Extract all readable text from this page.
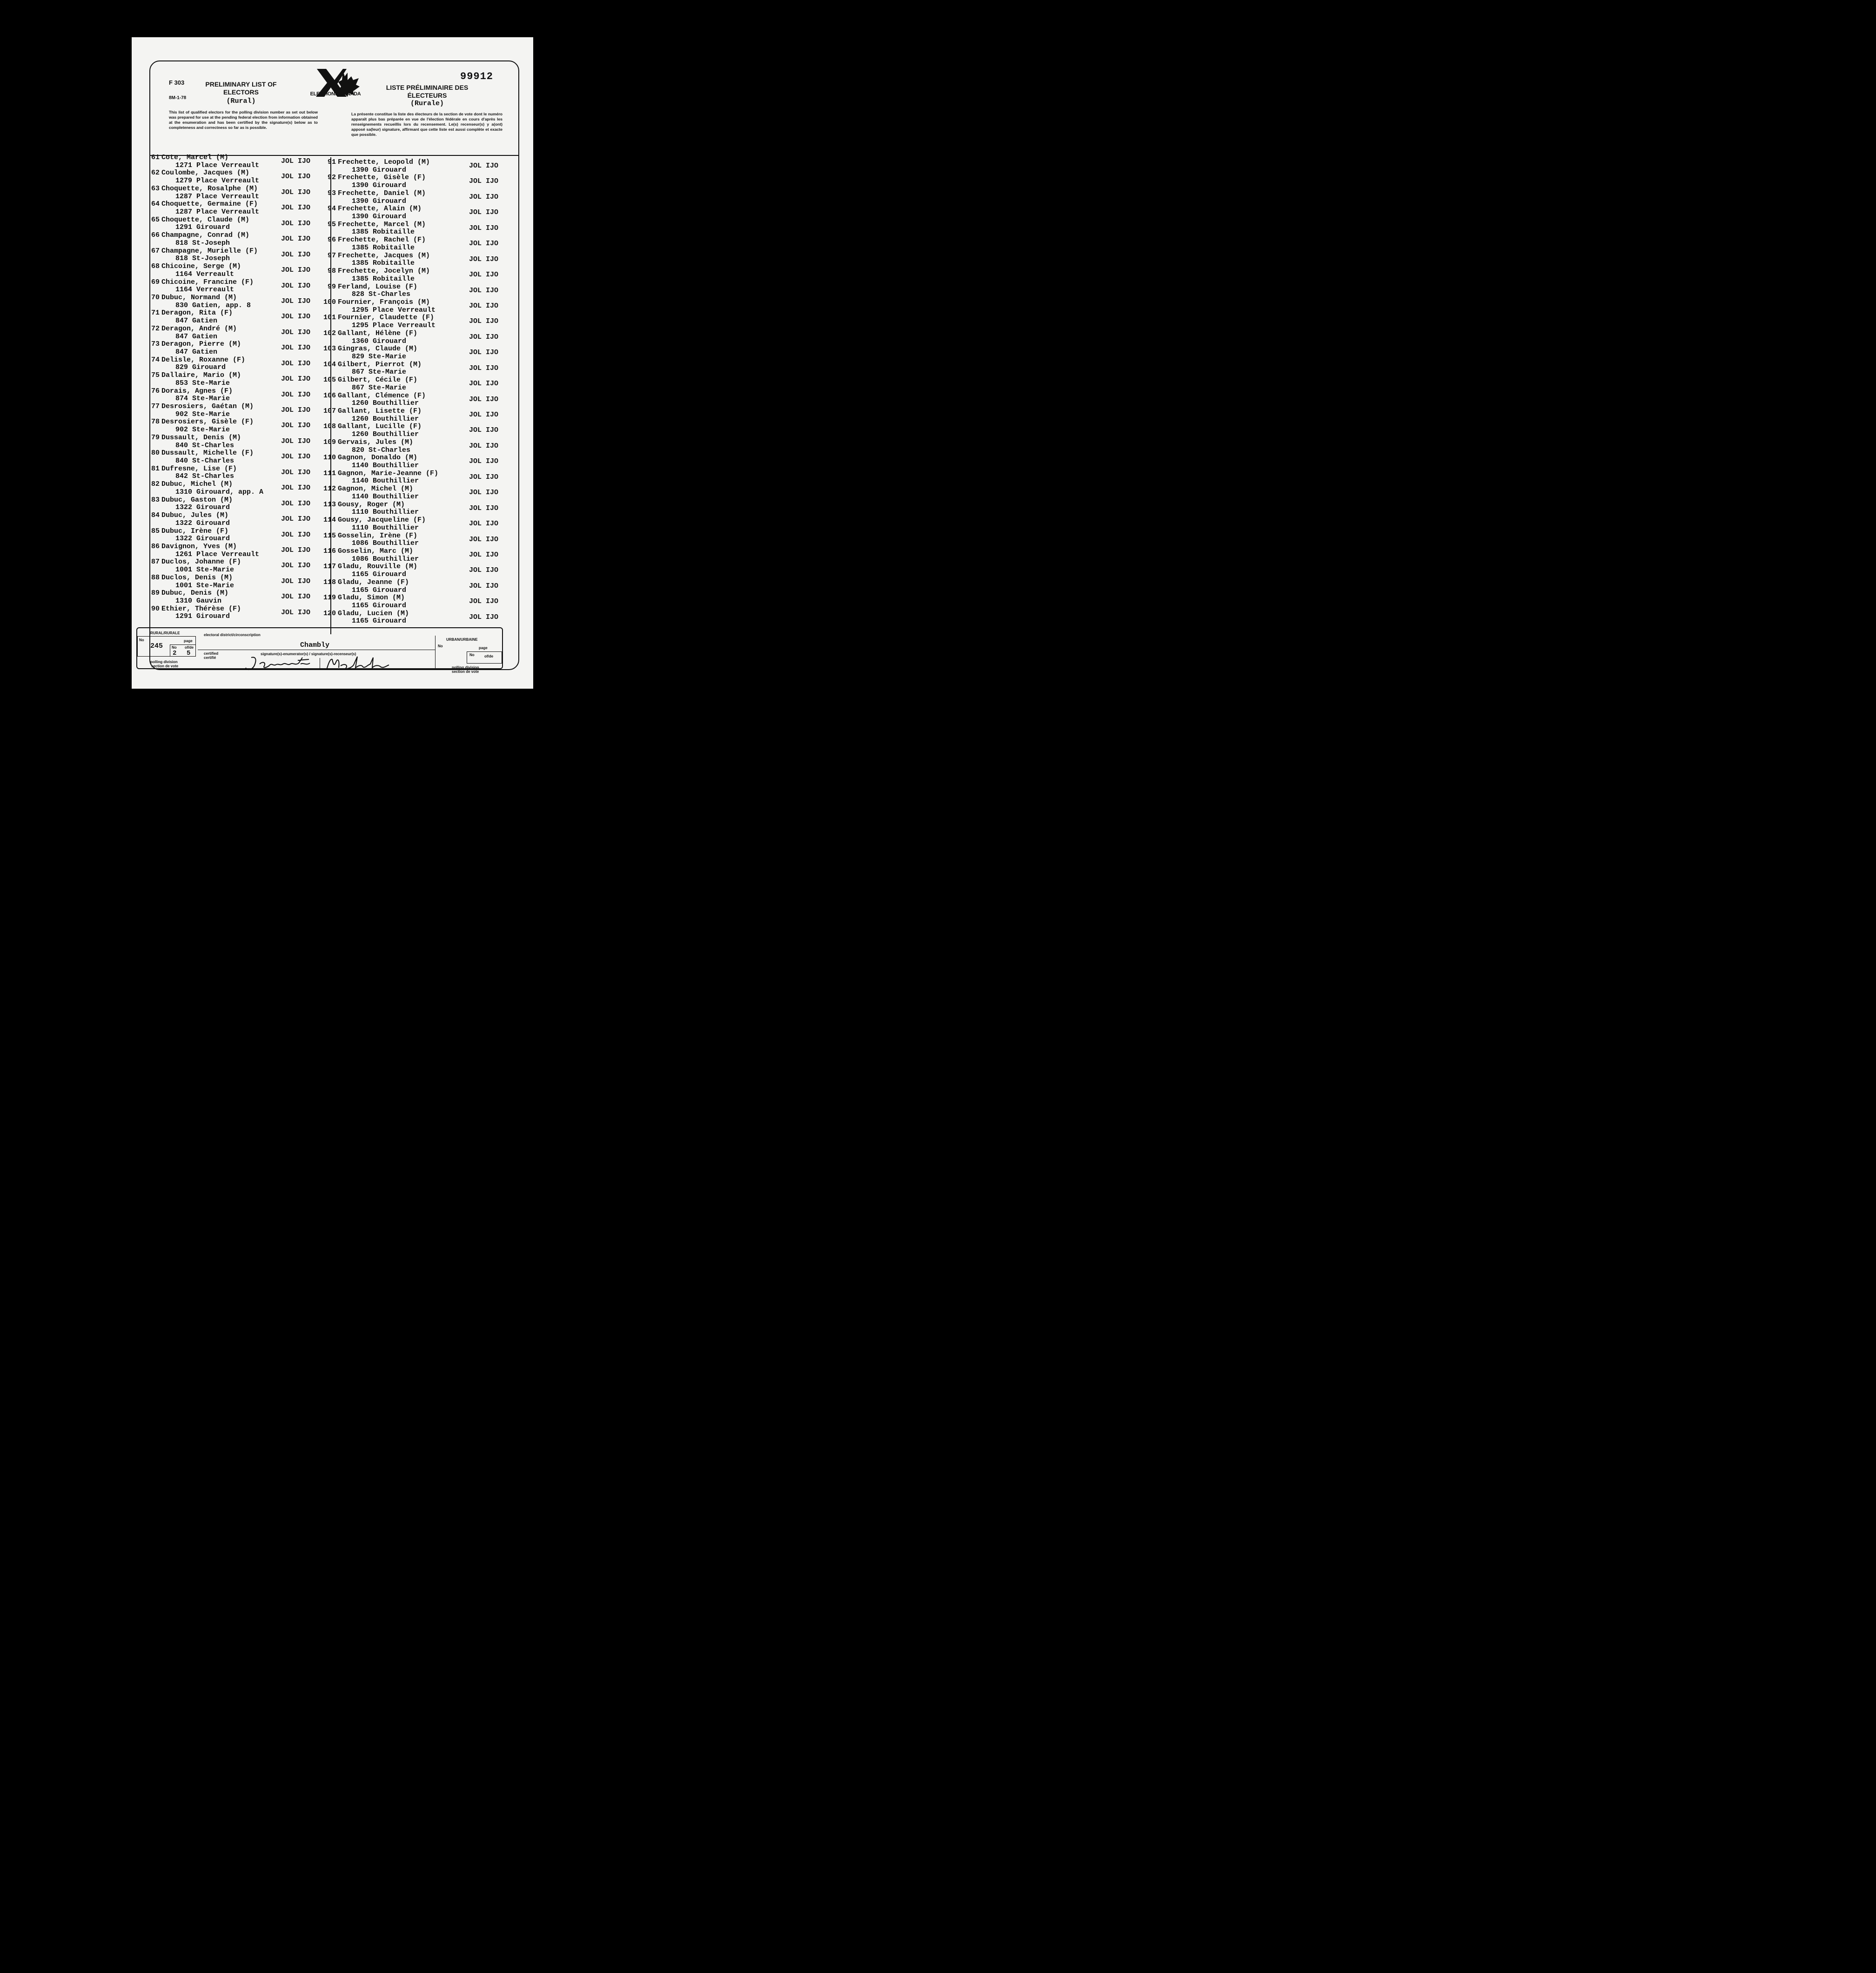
F 303
8M-1-78
PRELIMINARY LIST OF ELECTORS
(Rural)
ELECTIONS CANADA
LISTE PRÉLIMINAIRE DES ÉLECTEURS
(Rurale)
99912
This list of qualified electors for the polling division number as set out below was prepared for use at the pending federal election from information obtained at the enumeration and has been certified by the signature(s) below as to completeness and correctness so far as is possible.
La présente constitue la liste des électeurs de la section de vote dont le numéro apparaît plus bas préparée en vue de l'élection fédérale en cours d'après les renseignements recueillis lors du recensement. Le(s) recenseur(s) y a(ont) apposé sa(leur) signature, affirmant que cette liste est aussi complète et exacte que possible.
61 Cote, Marcel (M)
1271 Place Verreault
JOL IJO
62 Coulombe, Jacques (M)
1279 Place Verreault
JOL IJO
63 Choquette, Rosalphe (M)
1287 Place Verreault
JOL IJO
64 Choquette, Germaine (F)
1287 Place Verreault
JOL IJO
65 Choquette, Claude (M)
1291 Girouard
JOL IJO
66 Champagne, Conrad (M)
818 St-Joseph
JOL IJO
67 Champagne, Murielle (F)
818 St-Joseph
JOL IJO
68 Chicoine, Serge (M)
1164 Verreault
JOL IJO
69 Chicoine, Francine (F)
1164 Verreault
JOL IJO
70 Dubuc, Normand (M)
830 Gatien, app. 8
JOL IJO
71 Deragon, Rita (F)
847 Gatien
JOL IJO
72 Deragon, André (M)
847 Gatien
JOL IJO
73 Deragon, Pierre (M)
847 Gatien
JOL IJO
74 Delisle, Roxanne (F)
829 Girouard
JOL IJO
75 Dallaire, Mario (M)
853 Ste-Marie
JOL IJO
76 Dorais, Agnes (F)
874 Ste-Marie
JOL IJO
77 Desrosiers, Gaétan (M)
902 Ste-Marie
JOL IJO
78 Desrosiers, Gisèle (F)
902 Ste-Marie
JOL IJO
79 Dussault, Denis (M)
840 St-Charles
JOL IJO
80 Dussault, Michelle (F)
840 St-Charles
JOL IJO
81 Dufresne, Lise (F)
842 St-Charles
JOL IJO
82 Dubuc, Michel (M)
1310 Girouard, app. A
JOL IJO
83 Dubuc, Gaston (M)
1322 Girouard
JOL IJO
84 Dubuc, Jules (M)
1322 Girouard
JOL IJO
85 Dubuc, Irène (F)
1322 Girouard
JOL IJO
86 Davignon, Yves (M)
1261 Place Verreault
JOL IJO
87 Duclos, Johanne (F)
1001 Ste-Marie
JOL IJO
88 Duclos, Denis (M)
1001 Ste-Marie
JOL IJO
89 Dubuc, Denis (M)
1310 Gauvin
JOL IJO
90 Ethier, Thérèse (F)
1291 Girouard
JOL IJO
91 Frechette, Leopold (M)
1390 Girouard
JOL IJO
92 Frechette, Gisèle (F)
1390 Girouard
JOL IJO
93 Frechette, Daniel (M)
1390 Girouard
JOL IJO
94 Frechette, Alain (M)
1390 Girouard
JOL IJO
95 Frechette, Marcel (M)
1385 Robitaille
JOL IJO
96 Frechette, Rachel (F)
1385 Robitaille
JOL IJO
97 Frechette, Jacques (M)
1385 Robitaille
JOL IJO
98 Frechette, Jocelyn (M)
1385 Robitaille
JOL IJO
99 Ferland, Louise (F)
828 St-Charles
JOL IJO
100 Fournier, François (M)
1295 Place Verreault
JOL IJO
101 Fournier, Claudette (F)
1295 Place Verreault
JOL IJO
102 Gallant, Hélène (F)
1360 Girouard
JOL IJO
103 Gingras, Claude (M)
829 Ste-Marie
JOL IJO
104 Gilbert, Pierrot (M)
867 Ste-Marie
JOL IJO
105 Gilbert, Cécile (F)
867 Ste-Marie
JOL IJO
106 Gallant, Clémence (F)
1260 Bouthillier
JOL IJO
107 Gallant, Lisette (F)
1260 Bouthillier
JOL IJO
108 Gallant, Lucille (F)
1260 Bouthillier
JOL IJO
109 Gervais, Jules (M)
820 St-Charles
JOL IJO
110 Gagnon, Donaldo (M)
1140 Bouthillier
JOL IJO
111 Gagnon, Marie-Jeanne (F)
1140 Bouthillier
JOL IJO
112 Gagnon, Michel (M)
1140 Bouthillier
JOL IJO
113 Gousy, Roger (M)
1110 Bouthillier
JOL IJO
114 Gousy, Jacqueline (F)
1110 Bouthillier
JOL IJO
115 Gosselin, Irène (F)
1086 Bouthillier
JOL IJO
116 Gosselin, Marc (M)
1086 Bouthillier
JOL IJO
117 Gladu, Rouville (M)
1165 Girouard
JOL IJO
118 Gladu, Jeanne (F)
1165 Girouard
JOL IJO
119 Gladu, Simon (M)
1165 Girouard
JOL IJO
120 Gladu, Lucien (M)
1165 Girouard
JOL IJO
RURAL/RURALE
No
245
page
No
2
of/de
5
polling division
section de vote
electoral district/circonscription
Chambly
certified
certifié
signature(s)-enumerator(s) / signature(s)-recenseur(s)
URBAN/URBAINE
No	page
No	of/de
polling division
section de vote
